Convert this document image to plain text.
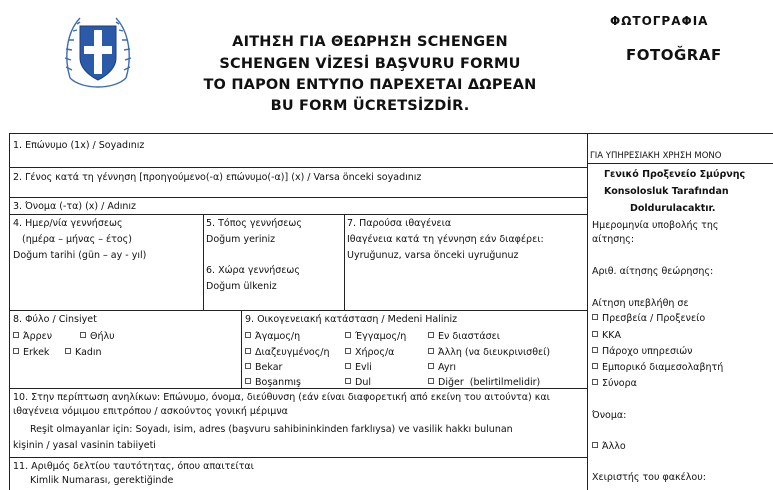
ΑΙΤΗΣΗ ΓΙΑ ΘΕΩΡΗΣΗ SCHENGEN
SCHENGEN VİZESİ BAŞVURU FORMU
ΤΟ ΠΑΡΟΝ ΕΝΤΥΠΟ ΠΑΡΕΧΕΤΑΙ ΔΩΡΕΑΝ
BU FORM ÜCRETSİZDİR.
ΦΩΤΟΓΡΑΦΙΑ
FOTOĞRAF
1. Επώνυμο (1x) / Soyadınız
2. Γένος κατά τη γέννηση [προηγούμενο(-α) επώνυμο(-α)] (x) / Varsa önceki soyadınız
3. Όνομα (-τα) (x) / Adınız
4. Ημερ/νία γεννήσεως
(ημέρα – μήνας – έτος)
Doğum tarihi (gün – ay - yıl)
5. Τόπος γεννήσεως
Doğum yeriniz
6. Χώρα γεννήσεως
Doğum ülkeniz
7. Παρούσα ιθαγένεια
Ιθαγένεια κατά τη γέννηση εάν διαφέρει:
Uyruğunuz, varsa önceki uyruğunuz
8. Φύλο / Cinsiyet
Άρρεν	Θήλυ
Erkek	Kadın
9. Οικογενειακή κατάσταση / Medeni Haliniz
Άγαμος/η	Έγγαμος/η	Εν διαστάσει
Διαζευγμένος/η	Χήρος/α	Άλλη (να διευκρινισθεί)
Bekar	Evli	Ayrı
Boşanmış	Dul	Diğer (belirtilmelidir)
10. Στην περίπτωση ανηλίκων: Επώνυμο, όνομα, διεύθυνση (εάν είναι διαφορετική από εκείνη του αιτούντα) και
ιθαγένεια νόμιμου επιτρόπου / ασκούντος γονική μέριμνα
Reşit olmayanlar için: Soyadı, isim, adres (başvuru sahibininkinden farklıysa) ve vasilik hakkı bulunan
kişinin / yasal vasinin tabiiyeti
11. Αριθμός δελτίου ταυτότητας, όπου απαιτείται
Kimlik Numarası, gerektiğinde
ΓΙΑ ΥΠΗΡΕΣΙΑΚΗ ΧΡΗΣΗ ΜΟΝΟ
Γενικό Προξενείο Σμύρνης
Konsolosluk Tarafından
Doldurulacaktır.
Ημερομηνία υποβολής της
αίτησης:
Αριθ. αίτησης θεώρησης:
Αίτηση υπεβλήθη σε
Πρεσβεία / Προξενείο
ΚΚΑ
Πάροχο υπηρεσιών
Εμπορικό διαμεσολαβητή
Σύνορα
Όνομα:
Άλλο
Χειριστής του φακέλου:
